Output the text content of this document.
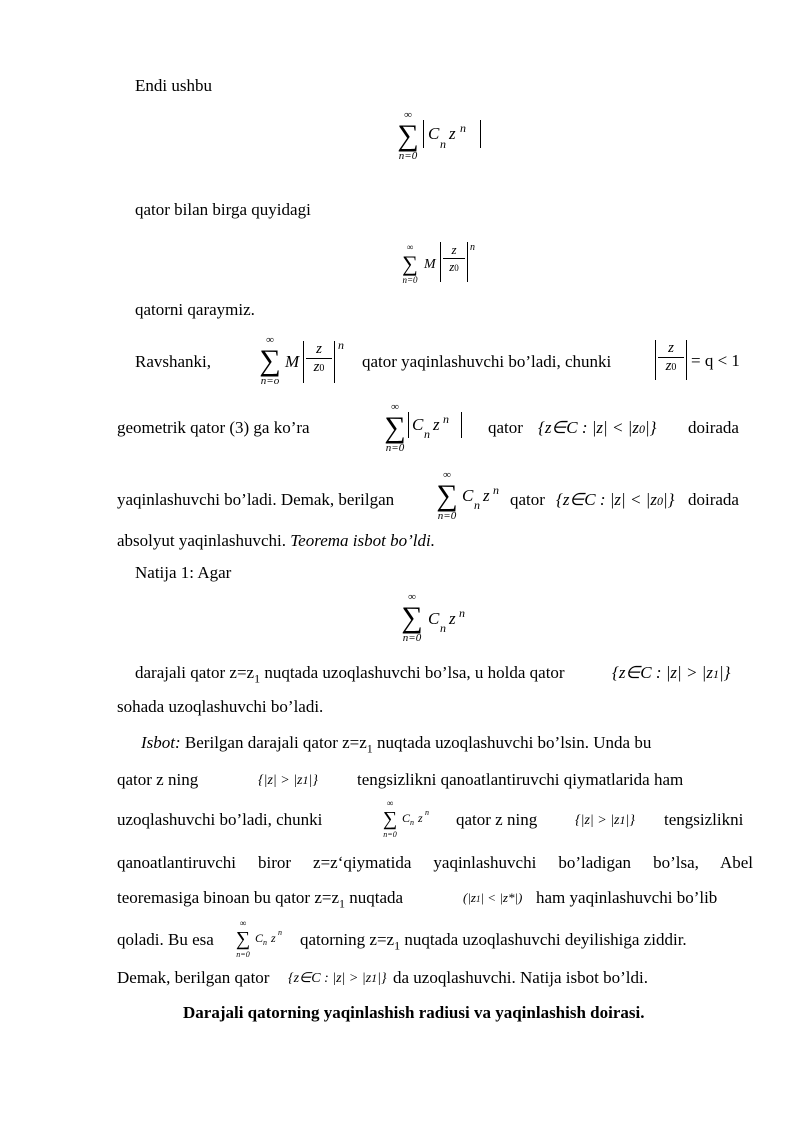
Endi ushbu
∞
∑
n=0
C
n
z n
qator bilan birga quyidagi
∞
∑
n=0
M $\frac{z}{z0}$ n
qatorni qaraymiz.
Ravshanki,
∞
∑
n=o
M $\frac{z}{z0}$ n
qator yaqinlashuvchi bo’ladi, chunki	$\frac{z}{z0} = q < 1$
geometrik qator (3) ga ko’ra
∞
∑
n=0
C n z n qator {z∈C : |z| < |z0|} doirada
yaqinlashuvchi bo’ladi. Demak, berilgan
∞
∑
n=0
C n z n qator {z∈C : |z| < |z0|} doirada
absolyut yaqinlashuvchi. Teorema isbot bo’ldi.
Natija 1: Agar
∞
∑
n=0
C n z n
darajali qator $z=z_1$ nuqtada uzoqlashuvchi bo’lsa, u holda qator	{z∈C : |z| > |z1|}
sohada uzoqlashuvchi bo’ladi.
Isbot: Berilgan darajali qator $z=z_1$ nuqtada uzoqlashuvchi bo’lsin. Unda bu
qator z ning	{|z| > |z1|} tengsizlikni qanoatlantiruvchi qiymatlarida ham
uzoqlashuvchi bo’ladi, chunki
∞
∑
n=0
C n z n qator z ning	{|z| > |z1|} tengsizlikni
qanoatlantiruvchi biror z=z‘qiymatida yaqinlashuvchi bo’ladigan bo’lsa, Abel
teoremasiga binoan bu qator $z=z_1$ nuqtada	(|z1| < |z*|) ham yaqinlashuvchi bo’lib
qoladi. Bu esa
∞
∑
n=0
C n z n qatorning $z=z_1$ nuqtada uzoqlashuvchi deyilishiga ziddir.
Demak, berilgan qator {z∈C : |z| > |z1|} da uzoqlashuvchi. Natija isbot bo’ldi.
Darajali qatorning yaqinlashish radiusi va yaqinlashish doirasi.
